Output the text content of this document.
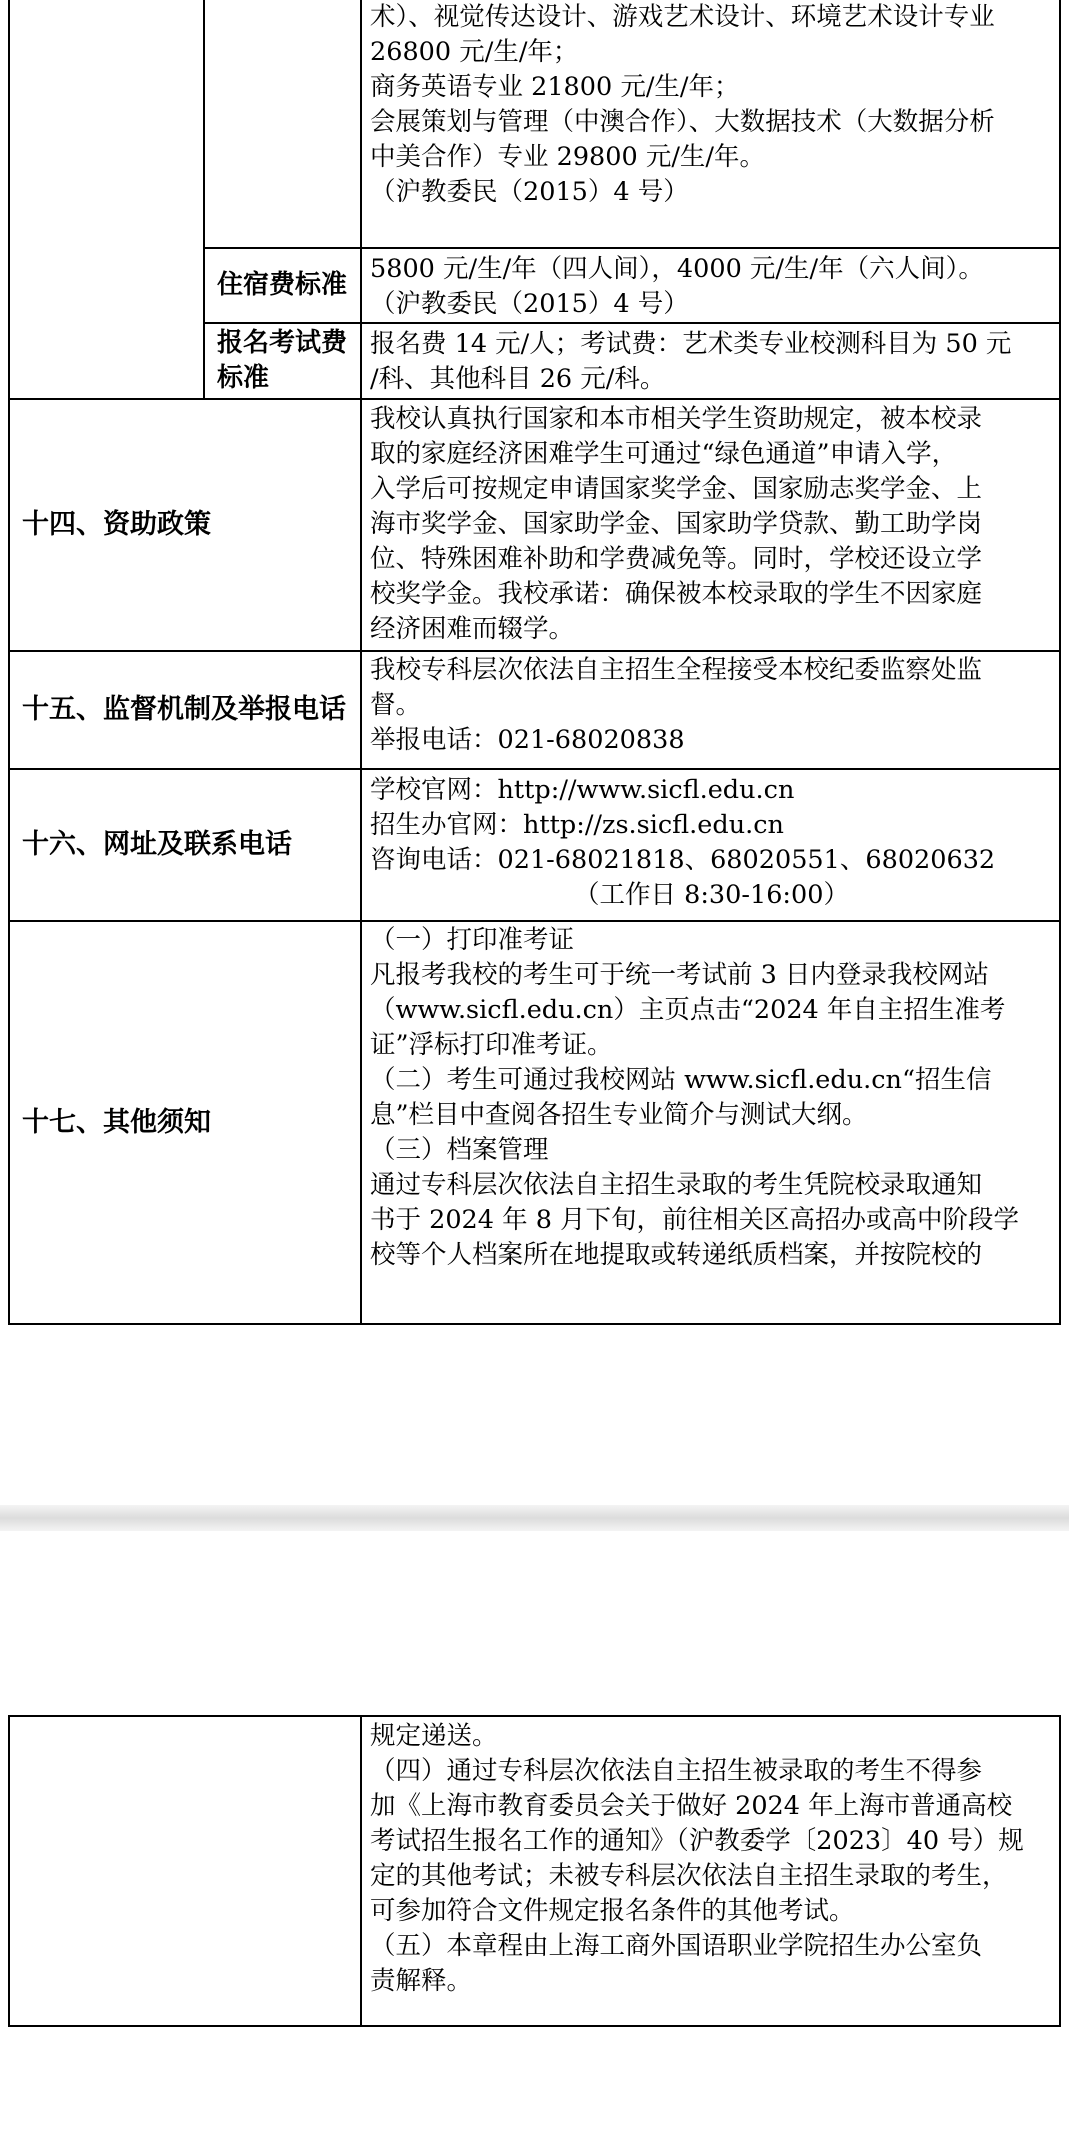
术）、视觉传达设计、游戏艺术设计、环境艺术设计专业
26800 元/生/年；
商务英语专业 21800 元/生/年；
会展策划与管理（中澳合作）、大数据技术（大数据分析
中美合作）专业 29800 元/生/年。
（沪教委民（2015）4 号）
住宿费标准
5800 元/生/年（四人间），4000 元/生/年（六人间）。
（沪教委民（2015）4 号）
报名考试费
标准
报名费 14 元/人；考试费：艺术类专业校测科目为 50 元
/科、其他科目 26 元/科。
十四、资助政策
我校认真执行国家和本市相关学生资助规定，被本校录
取的家庭经济困难学生可通过“绿色通道”申请入学，
入学后可按规定申请国家奖学金、国家励志奖学金、上
海市奖学金、国家助学金、国家助学贷款、勤工助学岗
位、特殊困难补助和学费减免等。同时，学校还设立学
校奖学金。我校承诺：确保被本校录取的学生不因家庭
经济困难而辍学。
十五、监督机制及举报电话
我校专科层次依法自主招生全程接受本校纪委监察处监
督。
举报电话：021-68020838
十六、网址及联系电话
学校官网：http://www.sicfl.edu.cn
招生办官网：http://zs.sicfl.edu.cn
咨询电话：021-68021818、68020551、68020632
（工作日 8:30-16:00）
十七、其他须知
（一）打印准考证
凡报考我校的考生可于统一考试前 3 日内登录我校网站
（www.sicfl.edu.cn）主页点击“2024 年自主招生准考
证”浮标打印准考证。
（二）考生可通过我校网站 www.sicfl.edu.cn“招生信
息”栏目中查阅各招生专业简介与测试大纲。
（三）档案管理
通过专科层次依法自主招生录取的考生凭院校录取通知
书于 2024 年 8 月下旬，前往相关区高招办或高中阶段学
校等个人档案所在地提取或转递纸质档案，并按院校的
规定递送。
（四）通过专科层次依法自主招生被录取的考生不得参
加《上海市教育委员会关于做好 2024 年上海市普通高校
考试招生报名工作的通知》（沪教委学〔2023〕40 号）规
定的其他考试；未被专科层次依法自主招生录取的考生，
可参加符合文件规定报名条件的其他考试。
（五）本章程由上海工商外国语职业学院招生办公室负
责解释。
